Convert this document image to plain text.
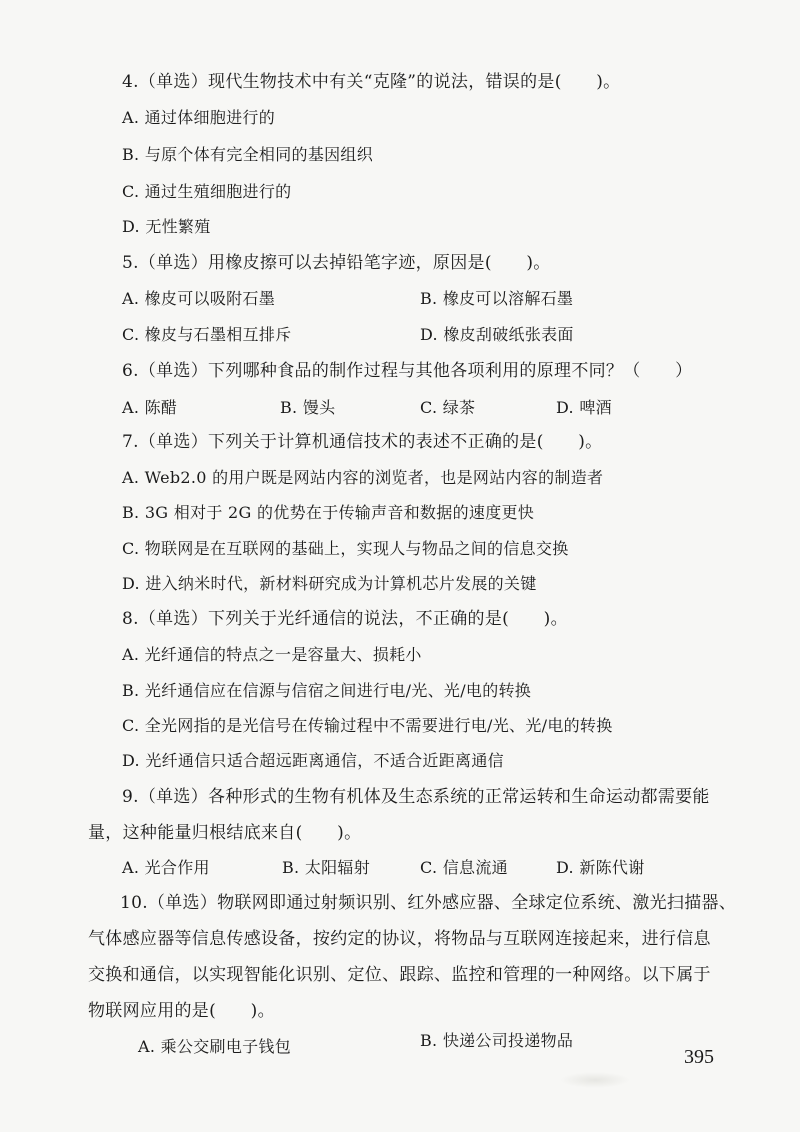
4.（单选）现代生物技术中有关“克隆”的说法，错误的是(　　)。
A. 通过体细胞进行的
B. 与原个体有完全相同的基因组织
C. 通过生殖细胞进行的
D. 无性繁殖
5.（单选）用橡皮擦可以去掉铅笔字迹，原因是(　　)。
A. 橡皮可以吸附石墨	B. 橡皮可以溶解石墨
C. 橡皮与石墨相互排斥	D. 橡皮刮破纸张表面
6.（单选）下列哪种食品的制作过程与其他各项利用的原理不同？（　　）
A. 陈醋	B. 馒头	C. 绿茶	D. 啤酒
7.（单选）下列关于计算机通信技术的表述不正确的是(　　)。
A. Web2.0 的用户既是网站内容的浏览者，也是网站内容的制造者
B. 3G 相对于 2G 的优势在于传输声音和数据的速度更快
C. 物联网是在互联网的基础上，实现人与物品之间的信息交换
D. 进入纳米时代，新材料研究成为计算机芯片发展的关键
8.（单选）下列关于光纤通信的说法，不正确的是(　　)。
A. 光纤通信的特点之一是容量大、损耗小
B. 光纤通信应在信源与信宿之间进行电/光、光/电的转换
C. 全光网指的是光信号在传输过程中不需要进行电/光、光/电的转换
D. 光纤通信只适合超远距离通信，不适合近距离通信
9.（单选）各种形式的生物有机体及生态系统的正常运转和生命运动都需要能
量，这种能量归根结底来自(　　)。
A. 光合作用	B. 太阳辐射	C. 信息流通	D. 新陈代谢
10.（单选）物联网即通过射频识别、红外感应器、全球定位系统、激光扫描器、
气体感应器等信息传感设备，按约定的协议，将物品与互联网连接起来，进行信息
交换和通信，以实现智能化识别、定位、跟踪、监控和管理的一种网络。以下属于
物联网应用的是(　　)。
A. 乘公交刷电子钱包	B. 快递公司投递物品
395
